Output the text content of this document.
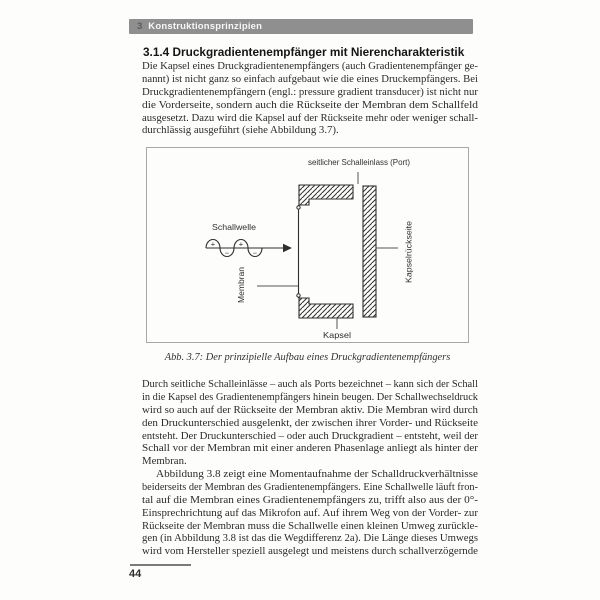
3 Konstruktionsprinzipien
3.1.4 Druckgradientenempfänger mit Nierencharakteristik
Die Kapsel eines Druckgradientenempfängers (auch Gradientenempfänger ge-
nannt) ist nicht ganz so einfach aufgebaut wie die eines Druckempfängers. Bei
Druckgradientenempfängern (engl.: pressure gradient transducer) ist nicht nur
die Vorderseite, sondern auch die Rückseite der Membran dem Schallfeld
ausgesetzt. Dazu wird die Kapsel auf der Rückseite mehr oder weniger schall-
durchlässig ausgeführt (siehe Abbildung 3.7).
seitlicher Schalleinlass (Port)
Schallwelle
+	+
−	−
Membran
Kapsel
Kapselrückseite
Abb. 3.7: Der prinzipielle Aufbau eines Druckgradientenempfängers
Durch seitliche Schalleinlässe – auch als Ports bezeichnet – kann sich der Schall
in die Kapsel des Gradientenempfängers hinein beugen. Der Schallwechseldruck
wird so auch auf der Rückseite der Membran aktiv. Die Membran wird durch
den Druckunterschied ausgelenkt, der zwischen ihrer Vorder- und Rückseite
entsteht. Der Druckunterschied – oder auch Druckgradient – entsteht, weil der
Schall vor der Membran mit einer anderen Phasenlage anliegt als hinter der
Membran.
Abbildung 3.8 zeigt eine Momentaufnahme der Schalldruckverhältnisse
beiderseits der Membran des Gradientenempfängers. Eine Schallwelle läuft fron-
tal auf die Membran eines Gradientenempfängers zu, trifft also aus der 0°-
Einsprechrichtung auf das Mikrofon auf. Auf ihrem Weg von der Vorder- zur
Rückseite der Membran muss die Schallwelle einen kleinen Umweg zurückle-
gen (in Abbildung 3.8 ist das die Wegdifferenz 2a). Die Länge dieses Umwegs
wird vom Hersteller speziell ausgelegt und meistens durch schallverzögernde
44
